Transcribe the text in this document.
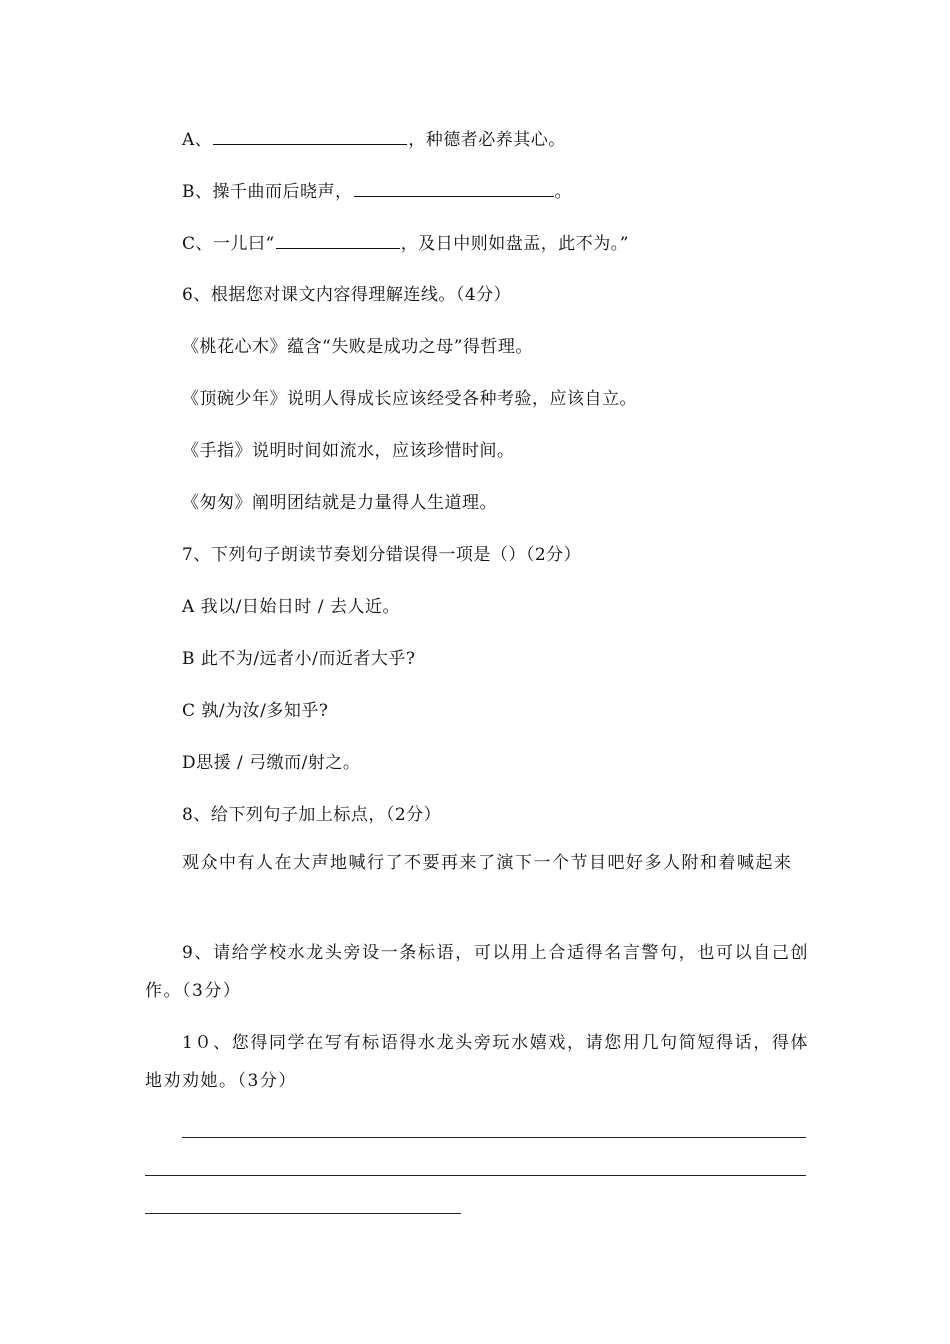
A、	，种德者必养其心。
B、操千曲而后晓声，	。
C、一儿曰“	，及日中则如盘盂，此不为。”
6、根据您对课文内容得理解连线。（4分）
《桃花心木》蕴含“失败是成功之母”得哲理。
《顶碗少年》说明人得成长应该经受各种考验，应该自立。
《手指》说明时间如流水，应该珍惜时间。
《匆匆》阐明团结就是力量得人生道理。
7、下列句子朗读节奏划分错误得一项是（）（2分）
A 我以/日始日时 / 去人近。
B 此不为/远者小/而近者大乎?
C 孰/为汝/多知乎?
D思援 / 弓缴而/射之。
8、给下列句子加上标点，（2分）
观众中有人在大声地喊行了不要再来了演下一个节目吧好多人附和着喊起来
9、请给学校水龙头旁设一条标语，可以用上合适得名言警句，也可以自己创作。（3分）
1０、您得同学在写有标语得水龙头旁玩水嬉戏，请您用几句简短得话，得体地劝劝她。（3分）
